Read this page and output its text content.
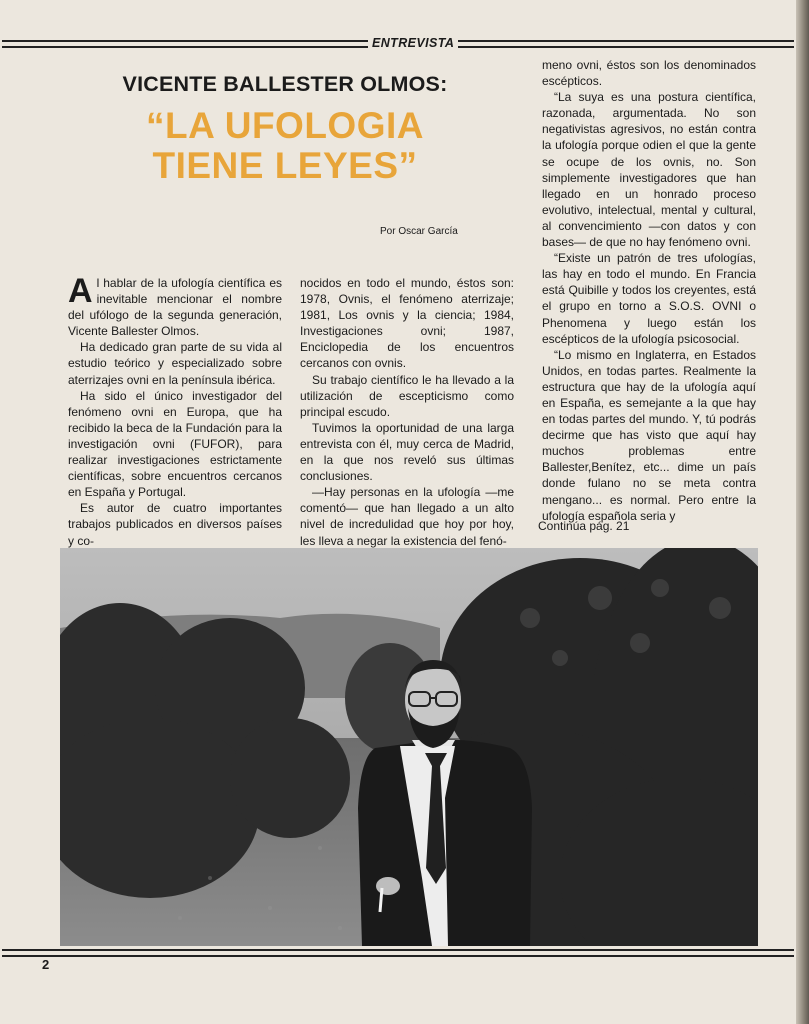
ENTREVISTA
VICENTE BALLESTER OLMOS:
“LA UFOLOGIA
TIENE LEYES”
Por Oscar García

Al hablar de la ufología científica es inevitable mencionar el nombre del ufólogo de la segunda generación, Vicente Ballester Olmos.

Ha dedicado gran parte de su vida al estudio teórico y especializado sobre aterrizajes ovni en la península ibérica.

Ha sido el único investigador del fenómeno ovni en Europa, que ha recibido la beca de la Fundación para la investigación ovni (FUFOR), para realizar investigaciones estrictamente científicas, sobre encuentros cercanos en España y Portugal.

Es autor de cuatro importantes trabajos publicados en diversos países y co-

nocidos en todo el mundo, éstos son: 1978, Ovnis, el fenómeno aterrizaje; 1981, Los ovnis y la ciencia; 1984, Investigaciones ovni; 1987, Enciclopedia de los encuentros cercanos con ovnis.

Su trabajo científico le ha llevado a la utilización de escepticismo como principal escudo.

Tuvimos la oportunidad de una larga entrevista con él, muy cerca de Madrid, en la que nos reveló sus últimas conclusiones.

—Hay personas en la ufología —me comentó— que han llegado a un alto nivel de incredulidad que hoy por hoy, les lleva a negar la existencia del fenó-

meno ovni, éstos son los denominados escépticos.

“La suya es una postura científica, razonada, argumentada. No son negativistas agresivos, no están contra la ufología porque odien el que la gente se ocupe de los ovnis, no. Son simplemente investigadores que han llegado en un honrado proceso evolutivo, intelectual, mental y cultural, al convencimiento —con datos y con bases— de que no hay fenómeno ovni.

“Existe un patrón de tres ufologías, las hay en todo el mundo. En Francia está Quibille y todos los creyentes, está el grupo en torno a S.O.S. OVNI o Phenomena y luego están los escépticos de la ufología psicosocial.

“Lo mismo en Inglaterra, en Estados Unidos, en todas partes. Realmente la estructura que hay de la ufología aquí en España, es semejante a la que hay en todas partes del mundo. Y, tú podrás decirme que has visto que aquí hay muchos problemas entre Ballester,Benítez, etc... dime un país donde fulano no se meta contra mengano... es normal. Pero entre la ufología española seria y

Continúa pág. 21
2
